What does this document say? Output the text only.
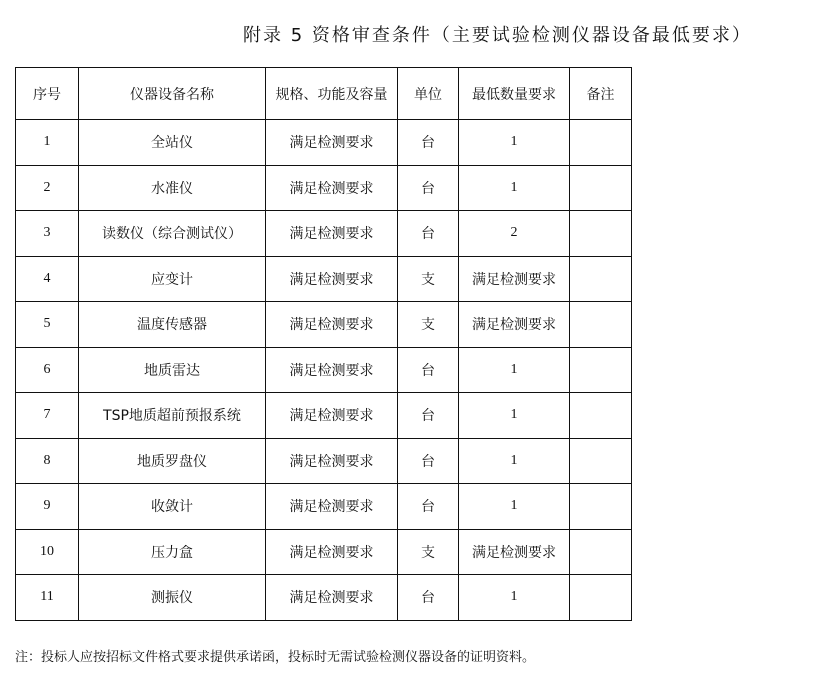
附录 5 资格审查条件（主要试验检测仪器设备最低要求）
序号	仪器设备名称	规格、功能及容量	单位	最低数量要求	备注
1	全站仪	满足检测要求	台	1	
2	水准仪	满足检测要求	台	1	
3	读数仪（综合测试仪）	满足检测要求	台	2	
4	应变计	满足检测要求	支	满足检测要求	
5	温度传感器	满足检测要求	支	满足检测要求	
6	地质雷达	满足检测要求	台	1	
7	TSP地质超前预报系统	满足检测要求	台	1	
8	地质罗盘仪	满足检测要求	台	1	
9	收敛计	满足检测要求	台	1	
10	压力盒	满足检测要求	支	满足检测要求	
11	测振仪	满足检测要求	台	1	
注：投标人应按招标文件格式要求提供承诺函，投标时无需试验检测仪器设备的证明资料。
